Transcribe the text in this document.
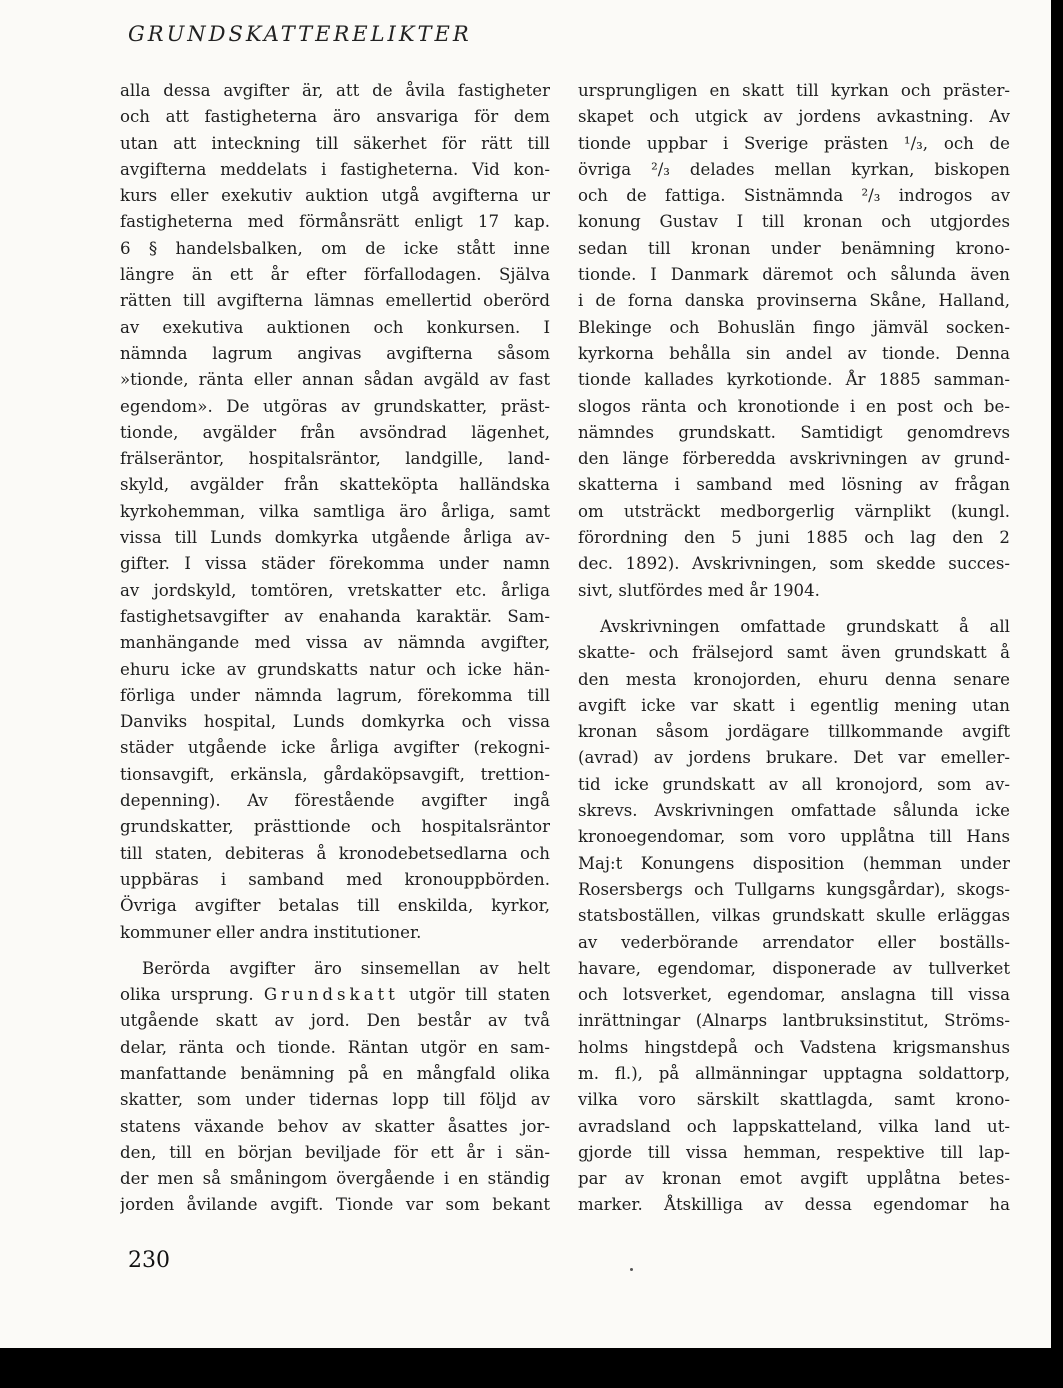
GRUNDSKATTERELIKTER
alla dessa avgifter är, att de åvila fastigheter
och att fastigheterna äro ansvariga för dem
utan att inteckning till säkerhet för rätt till
avgifterna meddelats i fastigheterna. Vid kon-
kurs eller exekutiv auktion utgå avgifterna ur
fastigheterna med förmånsrätt enligt 17 kap.
6 § handelsbalken, om de icke stått inne
längre än ett år efter förfallodagen. Själva
rätten till avgifterna lämnas emellertid oberörd
av exekutiva auktionen och konkursen. I
nämnda lagrum angivas avgifterna såsom
»tionde, ränta eller annan sådan avgäld av fast
egendom». De utgöras av grundskatter, präst-
tionde, avgälder från avsöndrad lägenhet,
frälseräntor, hospitalsräntor, landgille, land-
skyld, avgälder från skatteköpta halländska
kyrkohemman, vilka samtliga äro årliga, samt
vissa till Lunds domkyrka utgående årliga av-
gifter. I vissa städer förekomma under namn
av jordskyld, tomtören, vretskatter etc. årliga
fastighetsavgifter av enahanda karaktär. Sam-
manhängande med vissa av nämnda avgifter,
ehuru icke av grundskatts natur och icke hän-
förliga under nämnda lagrum, förekomma till
Danviks hospital, Lunds domkyrka och vissa
städer utgående icke årliga avgifter (rekogni-
tionsavgift, erkänsla, gårdaköpsavgift, trettion-
depenning). Av förestående avgifter ingå
grundskatter, prästtionde och hospitalsräntor
till staten, debiteras å kronodebetsedlarna och
uppbäras i samband med kronouppbörden.
Övriga avgifter betalas till enskilda, kyrkor,
kommuner eller andra institutioner.
Berörda avgifter äro sinsemellan av helt
olika ursprung. Grundskatt utgör till staten
utgående skatt av jord. Den består av två
delar, ränta och tionde. Räntan utgör en sam-
manfattande benämning på en mångfald olika
skatter, som under tidernas lopp till följd av
statens växande behov av skatter åsattes jor-
den, till en början beviljade för ett år i sän-
der men så småningom övergående i en ständig
jorden åvilande avgift. Tionde var som bekant
ursprungligen en skatt till kyrkan och präster-
skapet och utgick av jordens avkastning. Av
tionde uppbar i Sverige prästen ¹/₃, och de
övriga ²/₃ delades mellan kyrkan, biskopen
och de fattiga. Sistnämnda ²/₃ indrogos av
konung Gustav I till kronan och utgjordes
sedan till kronan under benämning krono-
tionde. I Danmark däremot och sålunda även
i de forna danska provinserna Skåne, Halland,
Blekinge och Bohuslän fingo jämväl socken-
kyrkorna behålla sin andel av tionde. Denna
tionde kallades kyrkotionde. År 1885 samman-
slogos ränta och kronotionde i en post och be-
nämndes grundskatt. Samtidigt genomdrevs
den länge förberedda avskrivningen av grund-
skatterna i samband med lösning av frågan
om utsträckt medborgerlig värnplikt (kungl.
förordning den 5 juni 1885 och lag den 2
dec. 1892). Avskrivningen, som skedde succes-
sivt, slutfördes med år 1904.
Avskrivningen omfattade grundskatt å all
skatte- och frälsejord samt även grundskatt å
den mesta kronojorden, ehuru denna senare
avgift icke var skatt i egentlig mening utan
kronan såsom jordägare tillkommande avgift
(avrad) av jordens brukare. Det var emeller-
tid icke grundskatt av all kronojord, som av-
skrevs. Avskrivningen omfattade sålunda icke
kronoegendomar, som voro upplåtna till Hans
Maj:t Konungens disposition (hemman under
Rosersbergs och Tullgarns kungsgårdar), skogs-
statsboställen, vilkas grundskatt skulle erläggas
av vederbörande arrendator eller boställs-
havare, egendomar, disponerade av tullverket
och lotsverket, egendomar, anslagna till vissa
inrättningar (Alnarps lantbruksinstitut, Ströms-
holms hingstdepå och Vadstena krigsmanshus
m. fl.), på allmänningar upptagna soldattorp,
vilka voro särskilt skattlagda, samt krono-
avradsland och lappskatteland, vilka land ut-
gjorde till vissa hemman, respektive till lap-
par av kronan emot avgift upplåtna betes-
marker. Åtskilliga av dessa egendomar ha
230
